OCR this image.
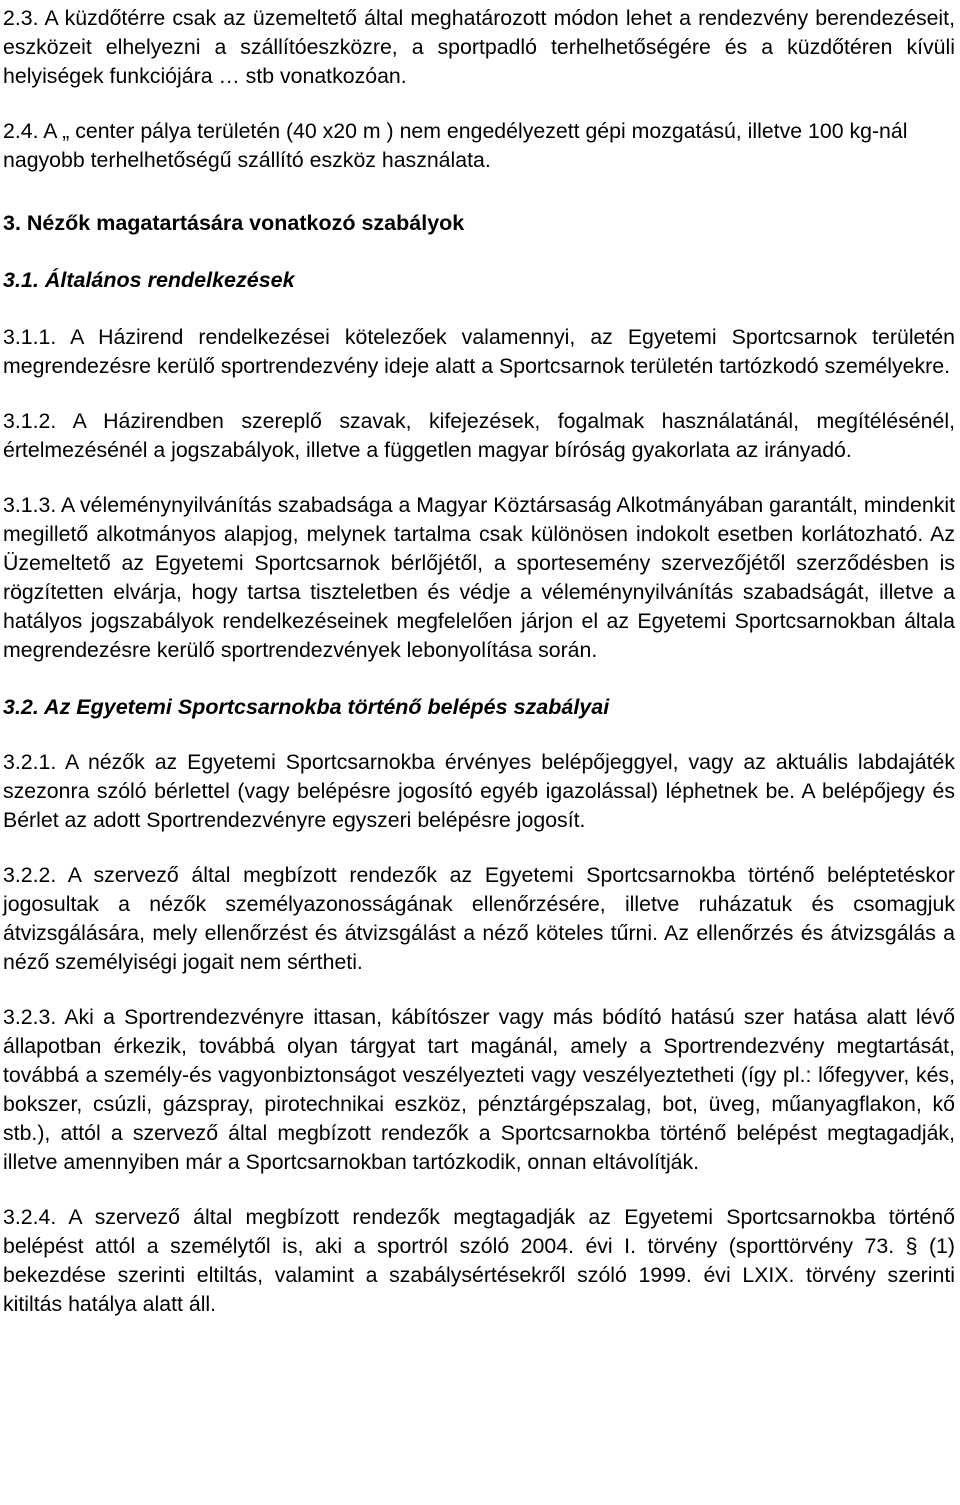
2.3. A küzdőtérre csak az üzemeltető által meghatározott módon lehet a rendezvény berendezéseit, eszközeit elhelyezni a szállítóeszközre, a sportpadló terhelhetőségére és a küzdőtéren kívüli helyiségek funkciójára … stb vonatkozóan.

2.4. A „ center pálya területén (40 x20 m ) nem engedélyezett gépi mozgatású, illetve 100 kg-nál nagyobb terhelhetőségű szállító eszköz használata.

3. Nézők magatartására vonatkozó szabályok

3.1. Általános rendelkezések

3.1.1. A Házirend rendelkezései kötelezőek valamennyi, az Egyetemi Sportcsarnok területén megrendezésre kerülő sportrendezvény ideje alatt a Sportcsarnok területén tartózkodó személyekre.

3.1.2. A Házirendben szereplő szavak, kifejezések, fogalmak használatánál, megítélésénél, értelmezésénél a jogszabályok, illetve a független magyar bíróság gyakorlata az irányadó.

3.1.3. A véleménynyilvánítás szabadsága a Magyar Köztársaság Alkotmányában garantált, mindenkit megillető alkotmányos alapjog, melynek tartalma csak különösen indokolt esetben korlátozható. Az Üzemeltető az Egyetemi Sportcsarnok bérlőjétől, a sportesemény szervezőjétől szerződésben is rögzítetten elvárja, hogy tartsa tiszteletben és védje a véleménynyilvánítás szabadságát, illetve a hatályos jogszabályok rendelkezéseinek megfelelően járjon el az Egyetemi Sportcsarnokban általa megrendezésre kerülő sportrendezvények lebonyolítása során.

3.2. Az Egyetemi Sportcsarnokba történő belépés szabályai

3.2.1. A nézők az Egyetemi Sportcsarnokba érvényes belépőjeggyel, vagy az aktuális labdajáték szezonra szóló bérlettel (vagy belépésre jogosító egyéb igazolással) léphetnek be. A belépőjegy és Bérlet az adott Sportrendezvényre egyszeri belépésre jogosít.

3.2.2. A szervező által megbízott rendezők az Egyetemi Sportcsarnokba történő beléptetéskor jogosultak a nézők személyazonosságának ellenőrzésére, illetve ruházatuk és csomagjuk átvizsgálására, mely ellenőrzést és átvizsgálást a néző köteles tűrni. Az ellenőrzés és átvizsgálás a néző személyiségi jogait nem sértheti.

3.2.3. Aki a Sportrendezvényre ittasan, kábítószer vagy más bódító hatású szer hatása alatt lévő állapotban érkezik, továbbá olyan tárgyat tart magánál, amely a Sportrendezvény megtartását, továbbá a személy-és vagyonbiztonságot veszélyezteti vagy veszélyeztetheti (így pl.: lőfegyver, kés, bokszer, csúzli, gázspray, pirotechnikai eszköz, pénztárgépszalag, bot, üveg, műanyagflakon, kő stb.), attól a szervező által megbízott rendezők a Sportcsarnokba történő belépést megtagadják, illetve amennyiben már a Sportcsarnokban tartózkodik, onnan eltávolítják.

3.2.4. A szervező által megbízott rendezők megtagadják az Egyetemi Sportcsarnokba történő belépést attól a személytől is, aki a sportról szóló 2004. évi I. törvény (sporttörvény 73. § (1) bekezdése szerinti eltiltás, valamint a szabálysértésekről szóló 1999. évi LXIX. törvény szerinti kitiltás hatálya alatt áll.
